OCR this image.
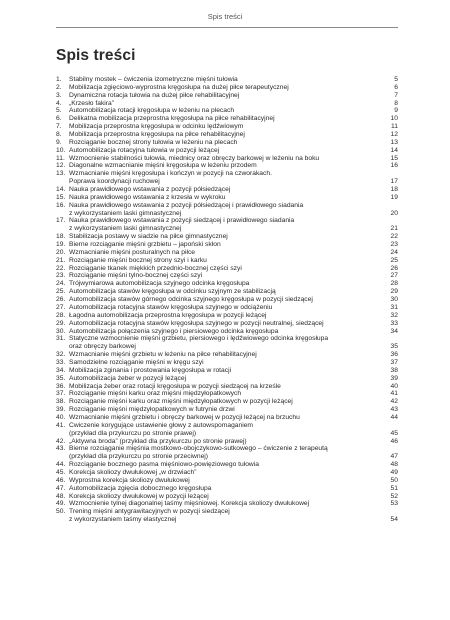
Spis treści
Spis treści
1.	Stabilny mostek – ćwiczenia izometryczne mięśni tułowia	5
2.	Mobilizacja zgięciowo-wyprostna kręgosłupa na dużej piłce terapeutycznej	6
3.	Dynamiczna rotacja tułowia na dużej piłce rehabilitacyjnej	7
4.	„Krzesło fakira”	8
5.	Automobilizacja rotacji kręgosłupa w leżeniu na plecach	9
6.	Delikatna mobilizacja przeprostna kręgosłupa na piłce rehabilitacyjnej	10
7.	Mobilizacja przeprostna kręgosłupa w odcinku lędźwiowym	11
8.	Mobilizacja przeprostna kręgosłupa na piłce rehabilitacyjnej	12
9.	Rozciąganie bocznej strony tułowia w leżeniu na plecach	13
10. Automobilizacja rotacyjna tułowia w pozycji leżącej	14
11. Wzmocnienie stabilności tułowia, miednicy oraz obręczy barkowej w leżeniu na boku	15
12. Diagonalne wzmacnianie mięśni kręgosłupa w leżeniu przodem	16
13. Wzmacnianie mięśni kręgosłupa i kończyn w pozycji na czworakach.
Poprawa koordynacji ruchowej	17
14. Nauka prawidłowego wstawania z pozycji półsiedzącej	18
15. Nauka prawidłowego wstawania z krzesła w wykroku	19
16. Nauka prawidłowego wstawania z pozycji półsiedzącej i prawidłowego siadania
z wykorzystaniem laski gimnastycznej	20
17. Nauka prawidłowego wstawania z pozycji siedzącej i prawidłowego siadania
z wykorzystaniem laski gimnastycznej	21
18. Stabilizacja postawy w siadzie na piłce gimnastycznej	22
19. Bierne rozciąganie mięśni grzbietu – japoński skłon	23
20. Wzmacnianie mięśni posturalnych na piłce	24
21. Rozciąganie mięśni bocznej strony szyi i karku	25
22. Rozciąganie tkanek miękkich przednio-bocznej części szyi	26
23. Rozciąganie mięśni tylno-bocznej części szyi	27
24. Trójwymiarowa automobilizacja szyjnego odcinka kręgosłupa	28
25. Automobilizacja stawów kręgosłupa w odcinku szyjnym ze stabilizacją	29
26. Automobilizacja stawów górnego odcinka szyjnego kręgosłupa w pozycji siedzącej	30
27. Automobilizacja rotacyjna stawów kręgosłupa szyjnego w odciążeniu	31
28. Łagodna automobilizacja przeprostna kręgosłupa w pozycji leżącej	32
29. Automobilizacja rotacyjna stawów kręgosłupa szyjnego w pozycji neutralnej, siedzącej	33
30. Automobilizacja połączenia szyjnego i piersiowego odcinka kręgosłupa	34
31. Statyczne wzmocnienie mięśni grzbietu, piersiowego i lędźwiowego odcinka kręgosłupa
oraz obręczy barkowej	35
32. Wzmacnianie mięśni grzbietu w leżeniu na piłce rehabilitacyjnej	36
33. Samodzielne rozciąganie mięśni w kręgu szyi	37
34. Mobilizacja zginania i prostowania kręgosłupa w rotacji	38
35. Automobilizacja żeber w pozycji leżącej	39
36. Mobilizacja żeber oraz rotacji kręgosłupa w pozycji siedzącej na krześle	40
37. Rozciąganie mięśni karku oraz mięśni międzyłopatkowych	41
38. Rozciąganie mięśni karku oraz mięśni międzyłopatkowych w pozycji leżącej	42
39. Rozciąganie mięśni międzyłopatkowych w futrynie drzwi	43
40. Wzmacnianie mięśni grzbietu i obręczy barkowej w pozycji leżącej na brzuchu	44
41. Ćwiczenie korygujące ustawienie głowy z autowspomaganiem
(przykład dla przykurczu po stronie prawej)	45
42. „Aktywna broda” (przykład dla przykurczu po stronie prawej)	46
43. Bierne rozciąganie mięśnia mostkowo-obojczykowo-sutkowego – ćwiczenie z terapeutą
(przykład dla przykurczu po stronie przeciwnej)	47
44. Rozciąganie bocznego pasma mięśniowo-powięziowego tułowia	48
45. Korekcja skoliozy dwułukowej „w drzwiach”	49
46. Wyprostna korekcja skoliozy dwułukowej	50
47. Automobilizacja zgięcia dobocznego kręgosłupa	51
48. Korekcja skoliozy dwułukowej w pozycji leżącej	52
49. Wzmocnienie tylnej diagonalnej taśmy mięśniowej. Korekcja skoliozy dwułukowej	53
50. Trening mięśni antygrawitacyjnych w pozycji siedzącej
z wykorzystaniem taśmy elastycznej	54
